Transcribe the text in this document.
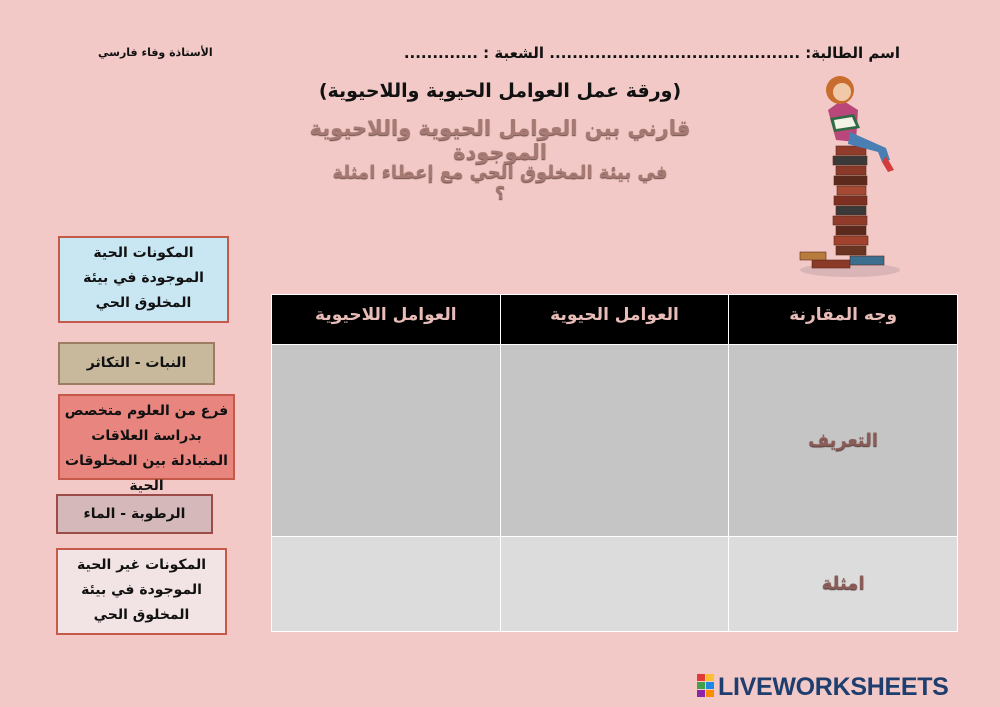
اسم الطالبة: ............................................ الشعبة : .............
الأستاذة وفاء فارسي
(ورقة عمل العوامل الحيوية واللاحيوية)
قارني بين العوامل الحيوية واللاحيوية الموجودة
في بيئة المخلوق الحي مع إعطاء امثلة ؟
المكونات الحية الموجودة في بيئة المخلوق الحي
النبات - التكاثر
فرع من العلوم متخصص بدراسة العلاقات المتبادلة بين المخلوقات الحية
الرطوبة - الماء
المكونات غير الحية الموجودة في بيئة المخلوق الحي
العوامل اللاحيوية	العوامل الحيوية	وجه المقارنة
		التعريف
		امثلة
LIVEWORKSHEETS
